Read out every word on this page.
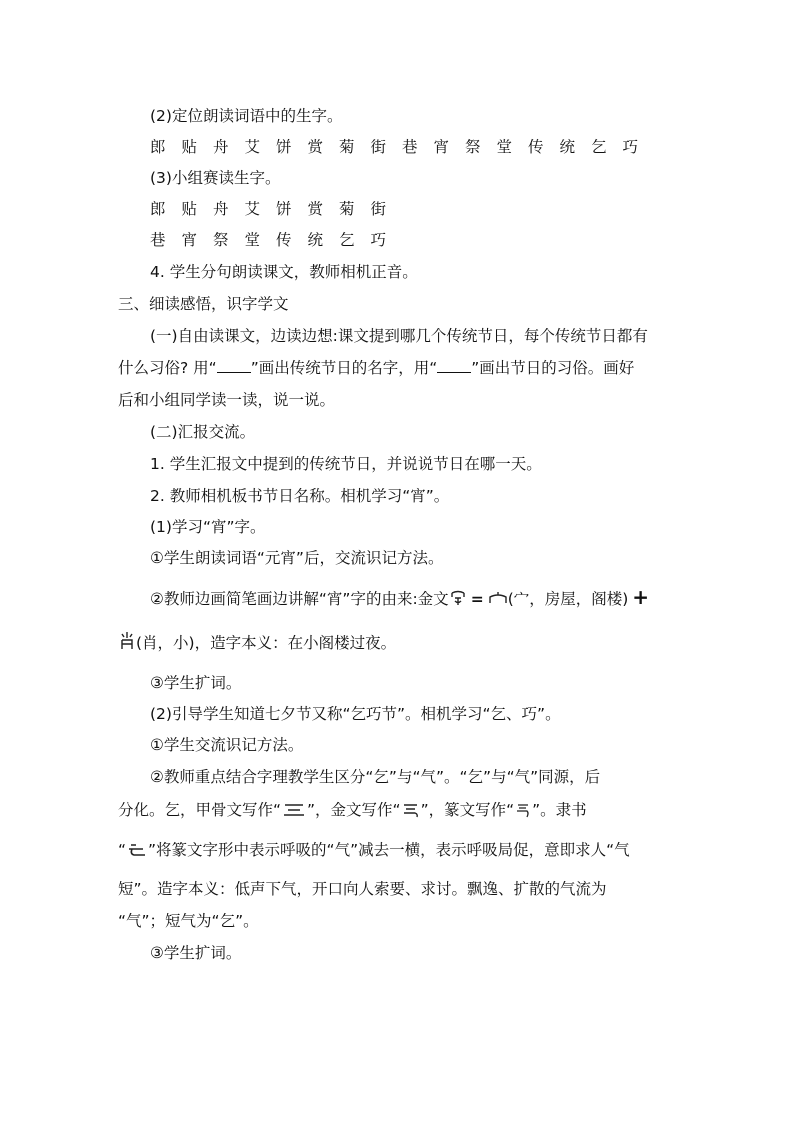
(2)定位朗读词语中的生字。
郎 贴 舟 艾 饼 赏 菊 街 巷 宵 祭 堂 传 统 乞 巧
(3)小组赛读生字。
郎 贴 舟 艾 饼 赏 菊 街
巷 宵 祭 堂 传 统 乞 巧
4. 学生分句朗读课文，教师相机正音。
三、细读感悟，识字学文
(一)自由读课文，边读边想:课文提到哪几个传统节日，每个传统节日都有
什么习俗? 用“ ”画出传统节日的名字，用“ ”画出节日的习俗。画好
后和小组同学读一读，说一说。
(二)汇报交流。
1. 学生汇报文中提到的传统节日，并说说节日在哪一天。
2. 教师相机板书节日名称。相机学习“宵”。
(1)学习“宵”字。
①学生朗读词语“元宵”后，交流识记方法。
②教师边画简笔画边讲解“宵”字的由来:金文 = (宀，房屋，阁楼) +
(肖，小)，造字本义：在小阁楼过夜。
③学生扩词。
(2)引导学生知道七夕节又称“乞巧节”。相机学习“乞、巧”。
①学生交流识记方法。
②教师重点结合字理教学生区分“乞”与“气”。“乞”与“气”同源，后
分化。乞，甲骨文写作“ ”，金文写作“ ”，篆文写作“ ”。隶书
“ ”将篆文字形中表示呼吸的“气”减去一横，表示呼吸局促，意即求人“气
短”。造字本义：低声下气，开口向人索要、求讨。飘逸、扩散的气流为
“气”；短气为“乞”。
③学生扩词。
